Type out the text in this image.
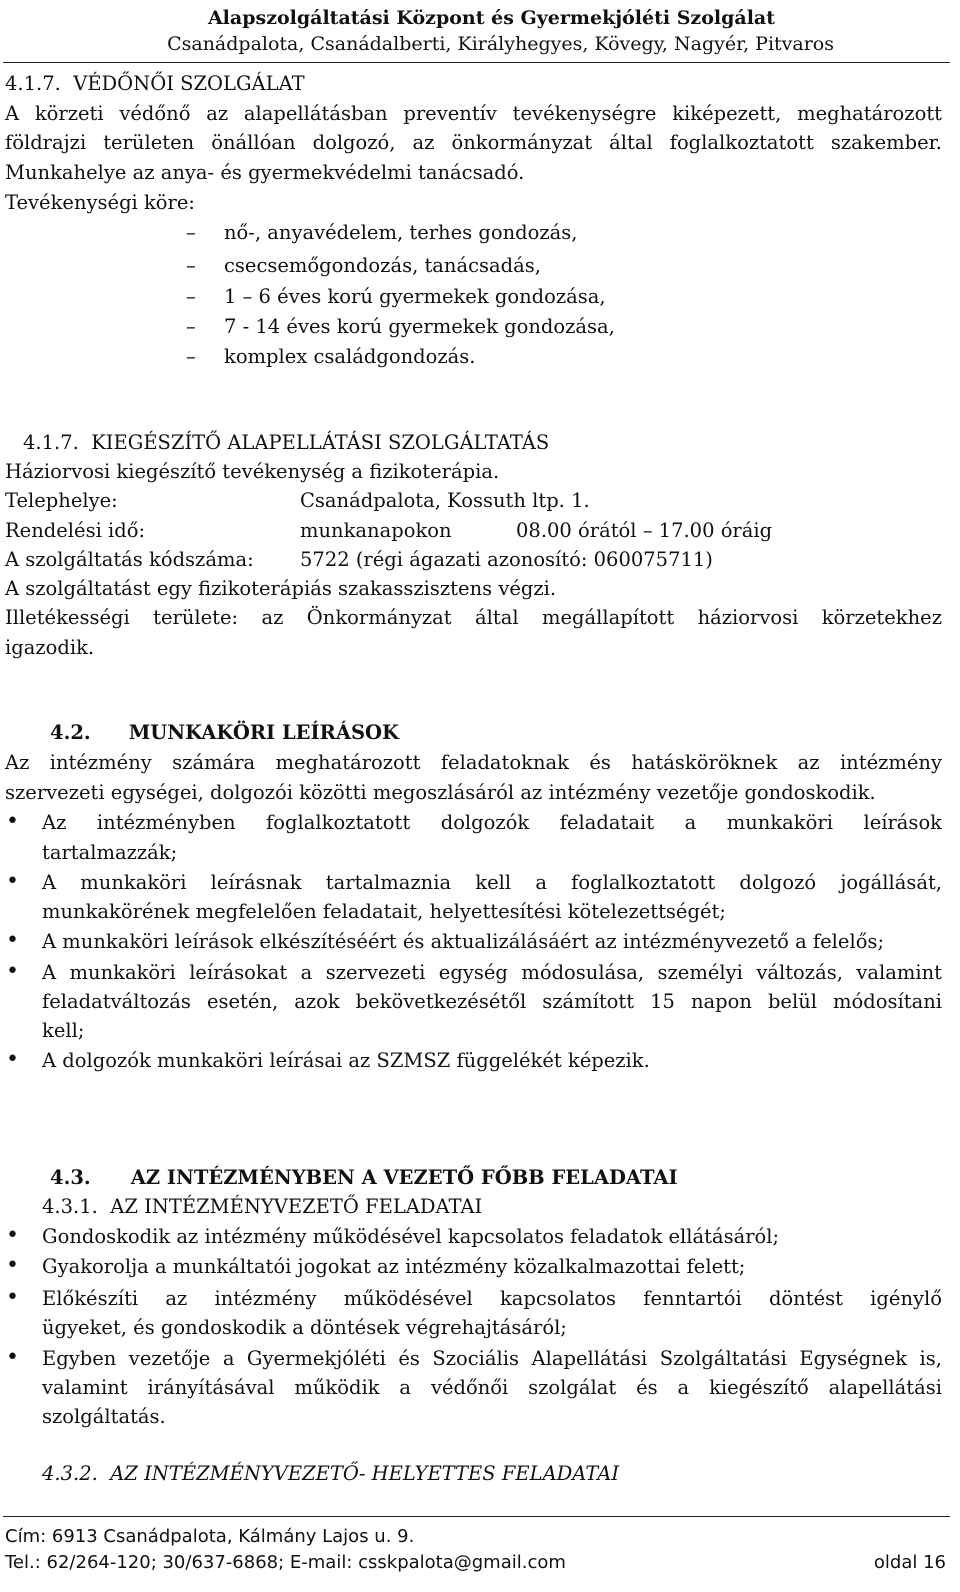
Alapszolgáltatási Központ és Gyermekjóléti Szolgálat
Csanádpalota, Csanádalberti, Királyhegyes, Kövegy, Nagyér, Pitvaros
4.1.7. VÉDŐNŐI SZOLGÁLAT
A körzeti védőnő az alapellátásban preventív tevékenységre kiképezett, meghatározott
földrajzi területen önállóan dolgozó, az önkormányzat által foglalkoztatott szakember.
Munkahelye az anya- és gyermekvédelmi tanácsadó.
Tevékenységi köre:
nő-, anyavédelem, terhes gondozás,
csecsemőgondozás, tanácsadás,
1 – 6 éves korú gyermekek gondozása,
7 - 14 éves korú gyermekek gondozása,
komplex családgondozás.
4.1.7. KIEGÉSZÍTŐ ALAPELLÁTÁSI SZOLGÁLTATÁS
Háziorvosi kiegészítő tevékenység a fizikoterápia.
Telephelye:	Csanádpalota, Kossuth ltp. 1.
Rendelési idő:	munkanapokon	08.00 órától – 17.00 óráig
A szolgáltatás kódszáma: 5722 (régi ágazati azonosító: 060075711)
A szolgáltatást egy fizikoterápiás szakasszisztens végzi.
Illetékességi területe: az Önkormányzat által megállapított háziorvosi körzetekhez
igazodik.
4.2. MUNKAKÖRI LEÍRÁSOK
Az intézmény számára meghatározott feladatoknak és hatásköröknek az intézmény
szervezeti egységei, dolgozói közötti megoszlásáról az intézmény vezetője gondoskodik.
• Az intézményben foglalkoztatott dolgozók feladatait a munkaköri leírások
tartalmazzák;
• A munkaköri leírásnak tartalmaznia kell a foglalkoztatott dolgozó jogállását,
munkakörének megfelelően feladatait, helyettesítési kötelezettségét;
• A munkaköri leírások elkészítéséért és aktualizálásáért az intézményvezető a felelős;
• A munkaköri leírásokat a szervezeti egység módosulása, személyi változás, valamint
feladatváltozás esetén, azok bekövetkezésétől számított 15 napon belül módosítani
kell;
• A dolgozók munkaköri leírásai az SZMSZ függelékét képezik.
4.3. AZ INTÉZMÉNYBEN A VEZETŐ FŐBB FELADATAI
4.3.1. AZ INTÉZMÉNYVEZETŐ FELADATAI
• Gondoskodik az intézmény működésével kapcsolatos feladatok ellátásáról;
• Gyakorolja a munkáltatói jogokat az intézmény közalkalmazottai felett;
• Előkészíti az intézmény működésével kapcsolatos fenntartói döntést igénylő
ügyeket, és gondoskodik a döntések végrehajtásáról;
• Egyben vezetője a Gyermekjóléti és Szociális Alapellátási Szolgáltatási Egységnek is,
valamint irányításával működik a védőnői szolgálat és a kiegészítő alapellátási
szolgáltatás.
4.3.2. AZ INTÉZMÉNYVEZETŐ- HELYETTES FELADATAI
Cím: 6913 Csanádpalota, Kálmány Lajos u. 9.
Tel.: 62/264-120; 30/637-6868; E-mail: csskpalota@gmail.com	oldal 16
